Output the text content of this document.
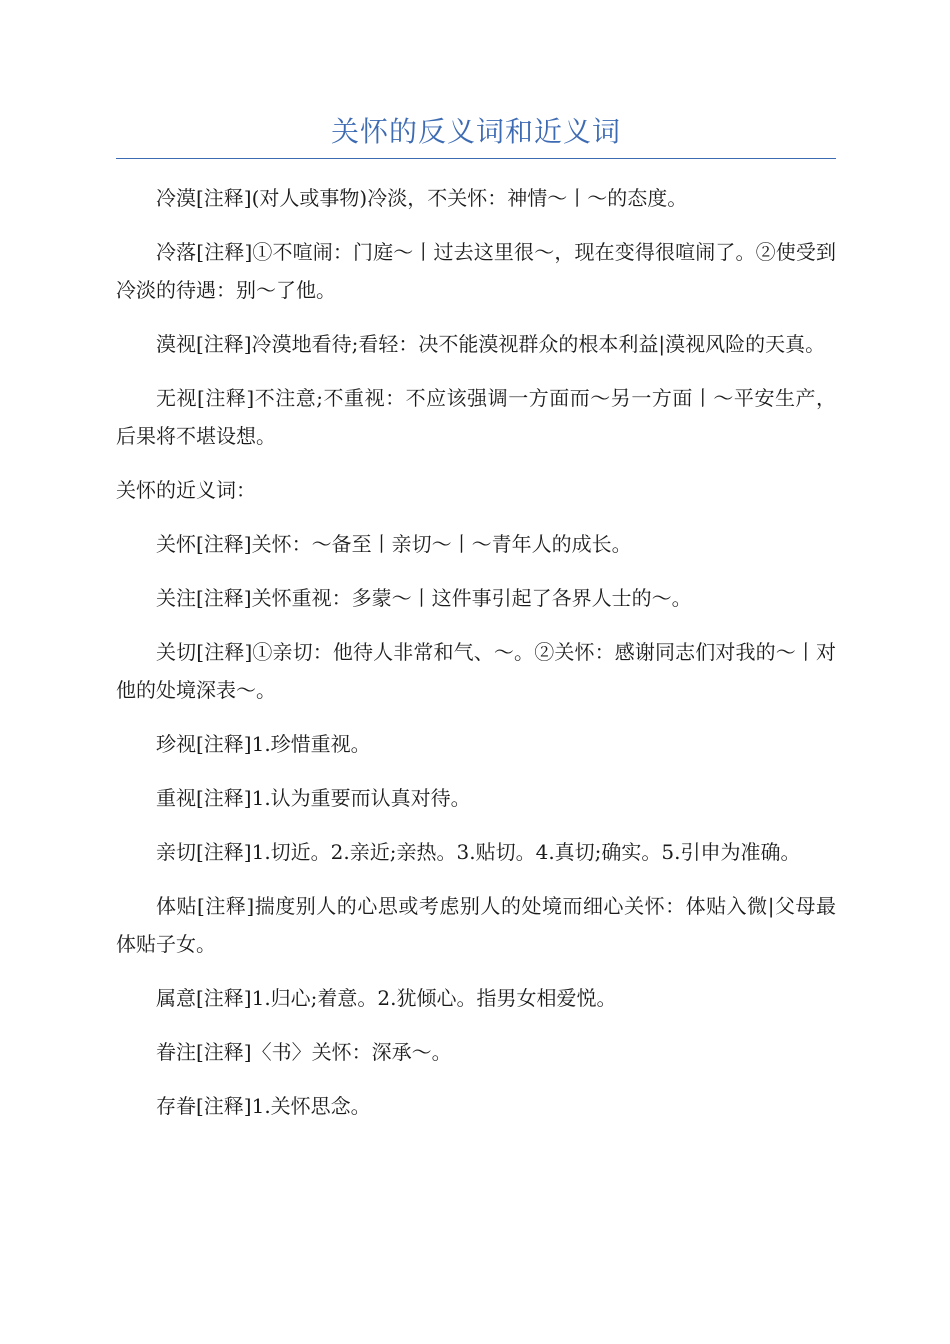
关怀的反义词和近义词

冷漠[注释](对人或事物)冷淡，不关怀：神情～丨～的态度。

冷落[注释]①不喧闹：门庭～丨过去这里很～，现在变得很喧闹了。②使受到冷淡的待遇：别～了他。

漠视[注释]冷漠地看待;看轻：决不能漠视群众的根本利益|漠视风险的天真。

无视[注释]不注意;不重视：不应该强调一方面而～另一方面丨～平安生产，后果将不堪设想。

关怀的近义词：

关怀[注释]关怀：～备至丨亲切～丨～青年人的成长。

关注[注释]关怀重视：多蒙～丨这件事引起了各界人士的～。

关切[注释]①亲切：他待人非常和气、～。②关怀：感谢同志们对我的～丨对他的处境深表～。

珍视[注释]1.珍惜重视。

重视[注释]1.认为重要而认真对待。

亲切[注释]1.切近。2.亲近;亲热。3.贴切。4.真切;确实。5.引申为准确。

体贴[注释]揣度别人的心思或考虑别人的处境而细心关怀：体贴入微|父母最体贴子女。

属意[注释]1.归心;着意。2.犹倾心。指男女相爱悦。

眷注[注释]〈书〉关怀：深承～。

存眷[注释]1.关怀思念。
